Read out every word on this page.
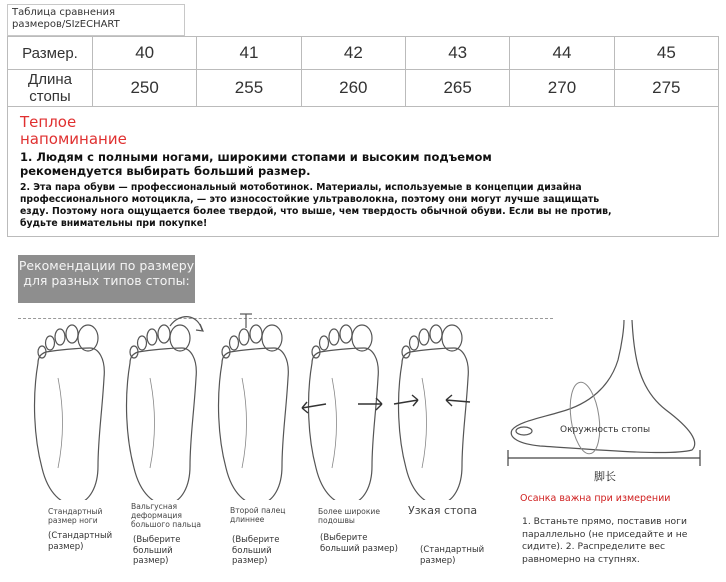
Таблица сравнения размеров/SIzECHART
Размер.	40	41	42	43	44	45
Длина стопы	250	255	260	265	270	275
Теплое напоминание
1. Людям с полными ногами, широкими стопами и высоким подъемом рекомендуется выбирать больший размер.
2. Эта пара обуви — профессиональный мотоботинок. Материалы, используемые в концепции дизайна профессионального мотоцикла, — это износостойкие ультраволокна, поэтому они могут лучше защищать езду. Поэтому нога ощущается более твердой, что выше, чем твердость обычной обуви. Если вы не против, будьте внимательны при покупке!
Рекомендации по размеру для разных типов стопы:
Стандартный размер ноги
(Стандартный размер)
Вальгусная деформация большого пальца
(Выберите больший размер)
Второй палец длиннее
(Выберите больший размер)
Более широкие подошвы
(Выберите больший размер)
Узкая стопа
(Стандартный размер)
Окружность стопы
脚长
Осанка важна при измерении
1. Встаньте прямо, поставив ноги параллельно (не приседайте и не сидите). 2. Распределите вес равномерно на ступнях.
